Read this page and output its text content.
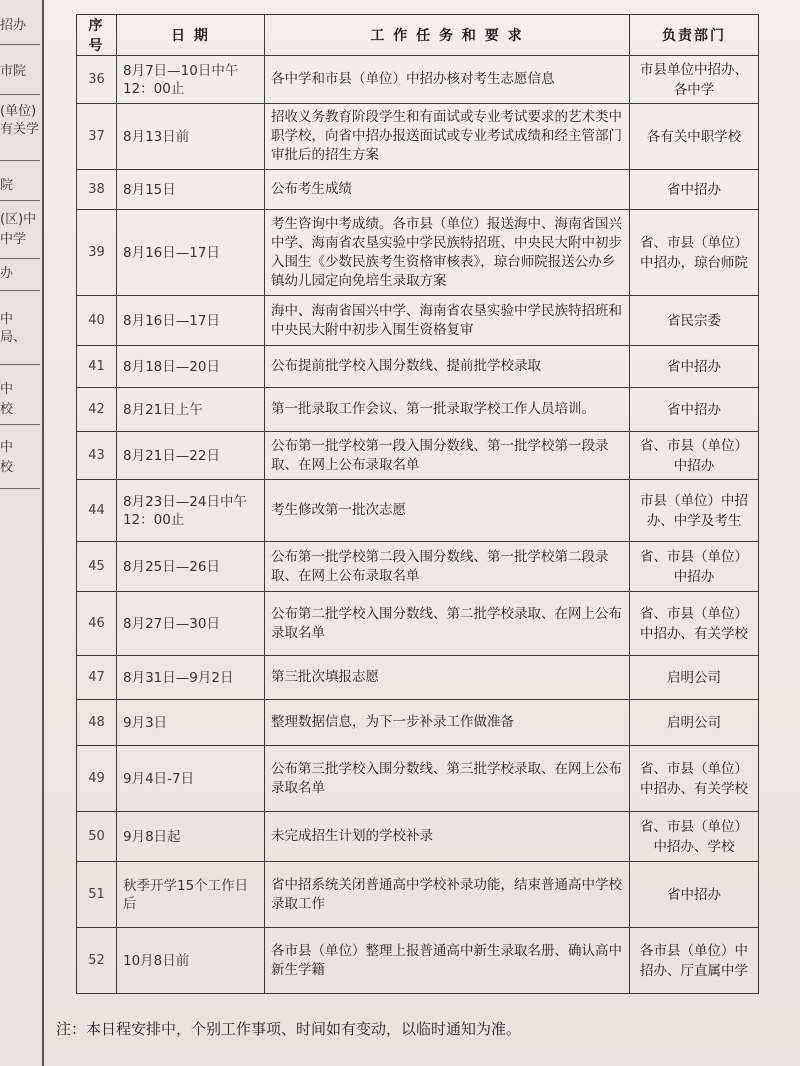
招办
市院
(单位)
有关学
院
(区)中
中学
办
中
局、
中
校
中
校
序号	日 期	工 作 任 务 和 要 求	负责部门
36	8月7日—10日中午12：00止	各中学和市县（单位）中招办核对考生志愿信息	市县单位中招办、各中学
37	8月13日前	招收义务教育阶段学生和有面试或专业考试要求的艺术类中职学校，向省中招办报送面试或专业考试成绩和经主管部门审批后的招生方案	各有关中职学校
38	8月15日	公布考生成绩	省中招办
39	8月16日—17日	考生咨询中考成绩。各市县（单位）报送海中、海南省国兴中学、海南省农垦实验中学民族特招班、中央民大附中初步入围生《少数民族考生资格审核表》，琼台师院报送公办乡镇幼儿园定向免培生录取方案	省、市县（单位）中招办，琼台师院
40	8月16日—17日	海中、海南省国兴中学、海南省农垦实验中学民族特招班和中央民大附中初步入围生资格复审	省民宗委
41	8月18日—20日	公布提前批学校入围分数线、提前批学校录取	省中招办
42	8月21日上午	第一批录取工作会议、第一批录取学校工作人员培训。	省中招办
43	8月21日—22日	公布第一批学校第一段入围分数线、第一批学校第一段录取、在网上公布录取名单	省、市县（单位）中招办
44	8月23日—24日中午12：00止	考生修改第一批次志愿	市县（单位）中招办、中学及考生
45	8月25日—26日	公布第一批学校第二段入围分数线、第一批学校第二段录取、在网上公布录取名单	省、市县（单位）中招办
46	8月27日—30日	公布第二批学校入围分数线、第二批学校录取、在网上公布录取名单	省、市县（单位）中招办、有关学校
47	8月31日—9月2日	第三批次填报志愿	启明公司
48	9月3日	整理数据信息，为下一步补录工作做准备	启明公司
49	9月4日-7日	公布第三批学校入围分数线、第三批学校录取、在网上公布录取名单	省、市县（单位）中招办、有关学校
50	9月8日起	未完成招生计划的学校补录	省、市县（单位）中招办、学校
51	秋季开学15个工作日后	省中招系统关闭普通高中学校补录功能，结束普通高中学校录取工作	省中招办
52	10月8日前	各市县（单位）整理上报普通高中新生录取名册、确认高中新生学籍	各市县（单位）中招办、厅直属中学
注：本日程安排中，个别工作事项、时间如有变动，以临时通知为准。
